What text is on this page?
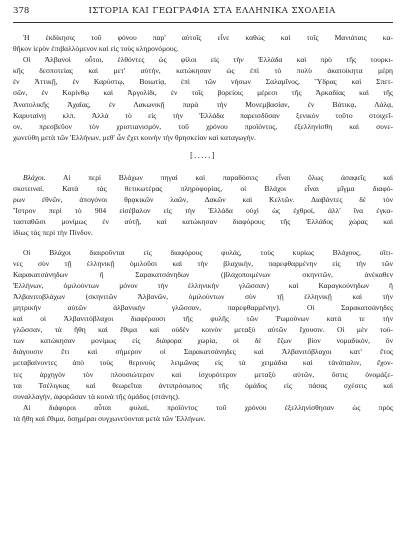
378	ΙΣΤΟΡΙΑ ΚΑΙ ΓΕΩΓΡΑΦΙΑ ΣΤΑ ΕΛΛΗΝΙΚΑ ΣΧΟΛΕΙΑ
Ἡ ἐκδίκησις τοῦ φόνου παρ' αὐτοῖς εἶνε καθὼς καὶ τοῖς Μανιάταις κα-
θῆκον ἱερὸν ἐπιβαλλόμενον καὶ εἰς τοὺς κληρονόμους.
Οἱ Ἀλβανοὶ οὗτοι, ἐλθόντες ὡς φίλοι εἰς τὴν Ἑλλάδα καὶ πρὸ τῆς τουρκι-
κῆς δεσποτείας καὶ μετ' αὐτήν, κατώκησαν ὡς ἐπὶ τὸ πολὺ ἀκατοίκητα μέρη
ἐν Ἀττικῇ, ἐν Καρύστῳ, Βοιωτίᾳ, ἐπὶ τῶν νήσων Σαλαμῖνος, Ὕδρας καὶ Σπετ-
σῶν, ἐν Κορίνθῳ καὶ Ἀργολίδι, ἐν τοῖς βορείοις μέρεσι τῆς Ἀρκαδίας καὶ τῆς
Ἀνατολικῆς Ἀχαΐας, ἐν Λακωνικῇ παρὰ τὴν Μονεμβασίαν, ἐν Βάτικᾳ, Λάλᾳ,
Καρυταίνῃ κλπ. Ἀλλὰ τὸ εἰς τὴν Ἑλλάδα παρεισδῦσαν ξενικὸν τοῦτο στοιχεῖ-
ον, πρεσβεῦον τὸν χριστιανισμόν, τοῦ χρόνου προϊόντος, ἐξελληνίσθη καὶ συνε-
χωνεύθη μετὰ τῶν Ἑλλήνων, μεθ' ὧν ἔχει κοινὴν τὴν θρησκείαν καὶ καταγωγήν.
[.....]
Βλάχοι. Αἱ περὶ Βλάχων πηγαὶ καὶ παραδόσεις εἶναι ὅλως ἀσαφεῖς καὶ
σκοτειναί. Κατὰ τὰς θετικωτέρας πληροφορίας, οἱ Βλάχοι εἶναι μῖγμα διαφό-
ρων ἐθνῶν, ἀπογόνοι θρᾳκικῶν λαῶν, Δακῶν καὶ Κελτῶν. Διαβάντες δὲ τὸν
Ἴστρον περὶ τὸ 904 εἰσέβαλον εἰς τὴν Ἑλλάδα οὐχὶ ὡς ἐχθροί, ἀλλ' ἵνα ἐγκα-
τασταθῶσι μονίμως ἐν αὐτῇ, καὶ κατώκησαν διαφόρους τῆς Ἑλλάδος χώρας καὶ
ἰδίως τὰς περὶ τὴν Πίνδον.
Οἱ Βλάχοι διαιροῦνται εἰς διαφόρους φυλάς, τοὺς κυρίως Βλάχους, οἵτι-
νες σὺν τῇ ἑλληνικῇ ὁμιλοῦσι καὶ τὴν βλαχικήν, παρεφθαρμένην εἰς τὴν τῶν
Καρακατσάνηδων ἢ Σαρακατσάνηδων (βλαχοποιμένων σκηνιτῶν, ἀνέκαθεν
Ἑλλήνων, ὁμιλούντων μόνον τὴν ἑλληνικὴν γλῶσσαν) καὶ Καραγκούνηδων ἢ
Ἀλβανιτοβλάχων (σκηνιτῶν Ἀλβανῶν, ὁμιλούντων σὺν τῇ ἑλληνικῇ καὶ τὴν
μητρικὴν αὐτῶν ἀλβανικὴν γλῶσσαν, παρεφθαρμένην). Οἱ Σαρακατσάνηδες
καὶ οἱ Ἀλβανιτόβλαχοι διαφέρουσι τῆς φυλῆς τῶν Ῥωμούνων κατὰ τε τὴν
γλῶσσαν, τὰ ἤθη καὶ ἔθιμα καὶ οὐδὲν κοινὸν μεταξὺ αὐτῶν ἔχουσιν. Οἱ μὲν τού-
των κατώκησαν μονίμως εἰς διάφορα χωρία, οἱ δὲ ἔζων βίον νομαδικόν, ὃν
διάγουσιν ἔτι καὶ σήμερον οἱ Σαρακατσάνηδες καὶ Ἀλβανιτόβλαχοι κατ' ἔτος
μεταβαίνοντες ἀπὸ τοὺς θερινοὺς λειμῶνας εἰς τὰ χειμάδια καὶ τἀνάπαλιν, ἔχον-
τες ἀρχηγὸν τὸν πλουσιώτερον καὶ ἰσχυρότερον μεταξὺ αὐτῶν, ὅστις ὀνομάζε-
ται Τσέλιγκας καὶ θεωρεῖται ἀντιπρόσωπος τῆς ὁμάδος εἰς πάσας σχέσεις καὶ
συναλλαγήν, ἀφορῶσαν τὰ κοινὰ τῆς ὁμάδος (στάνης).
Αἱ διάφοροι αὗται φυλαί, προϊόντος τοῦ χρόνου ἐξελληνίσθησαν ὡς πρὸς
τὰ ἤθη καὶ ἔθιμα, ὅσημέραι συγχωνεύονται μετὰ τῶν Ἑλλήνων.
